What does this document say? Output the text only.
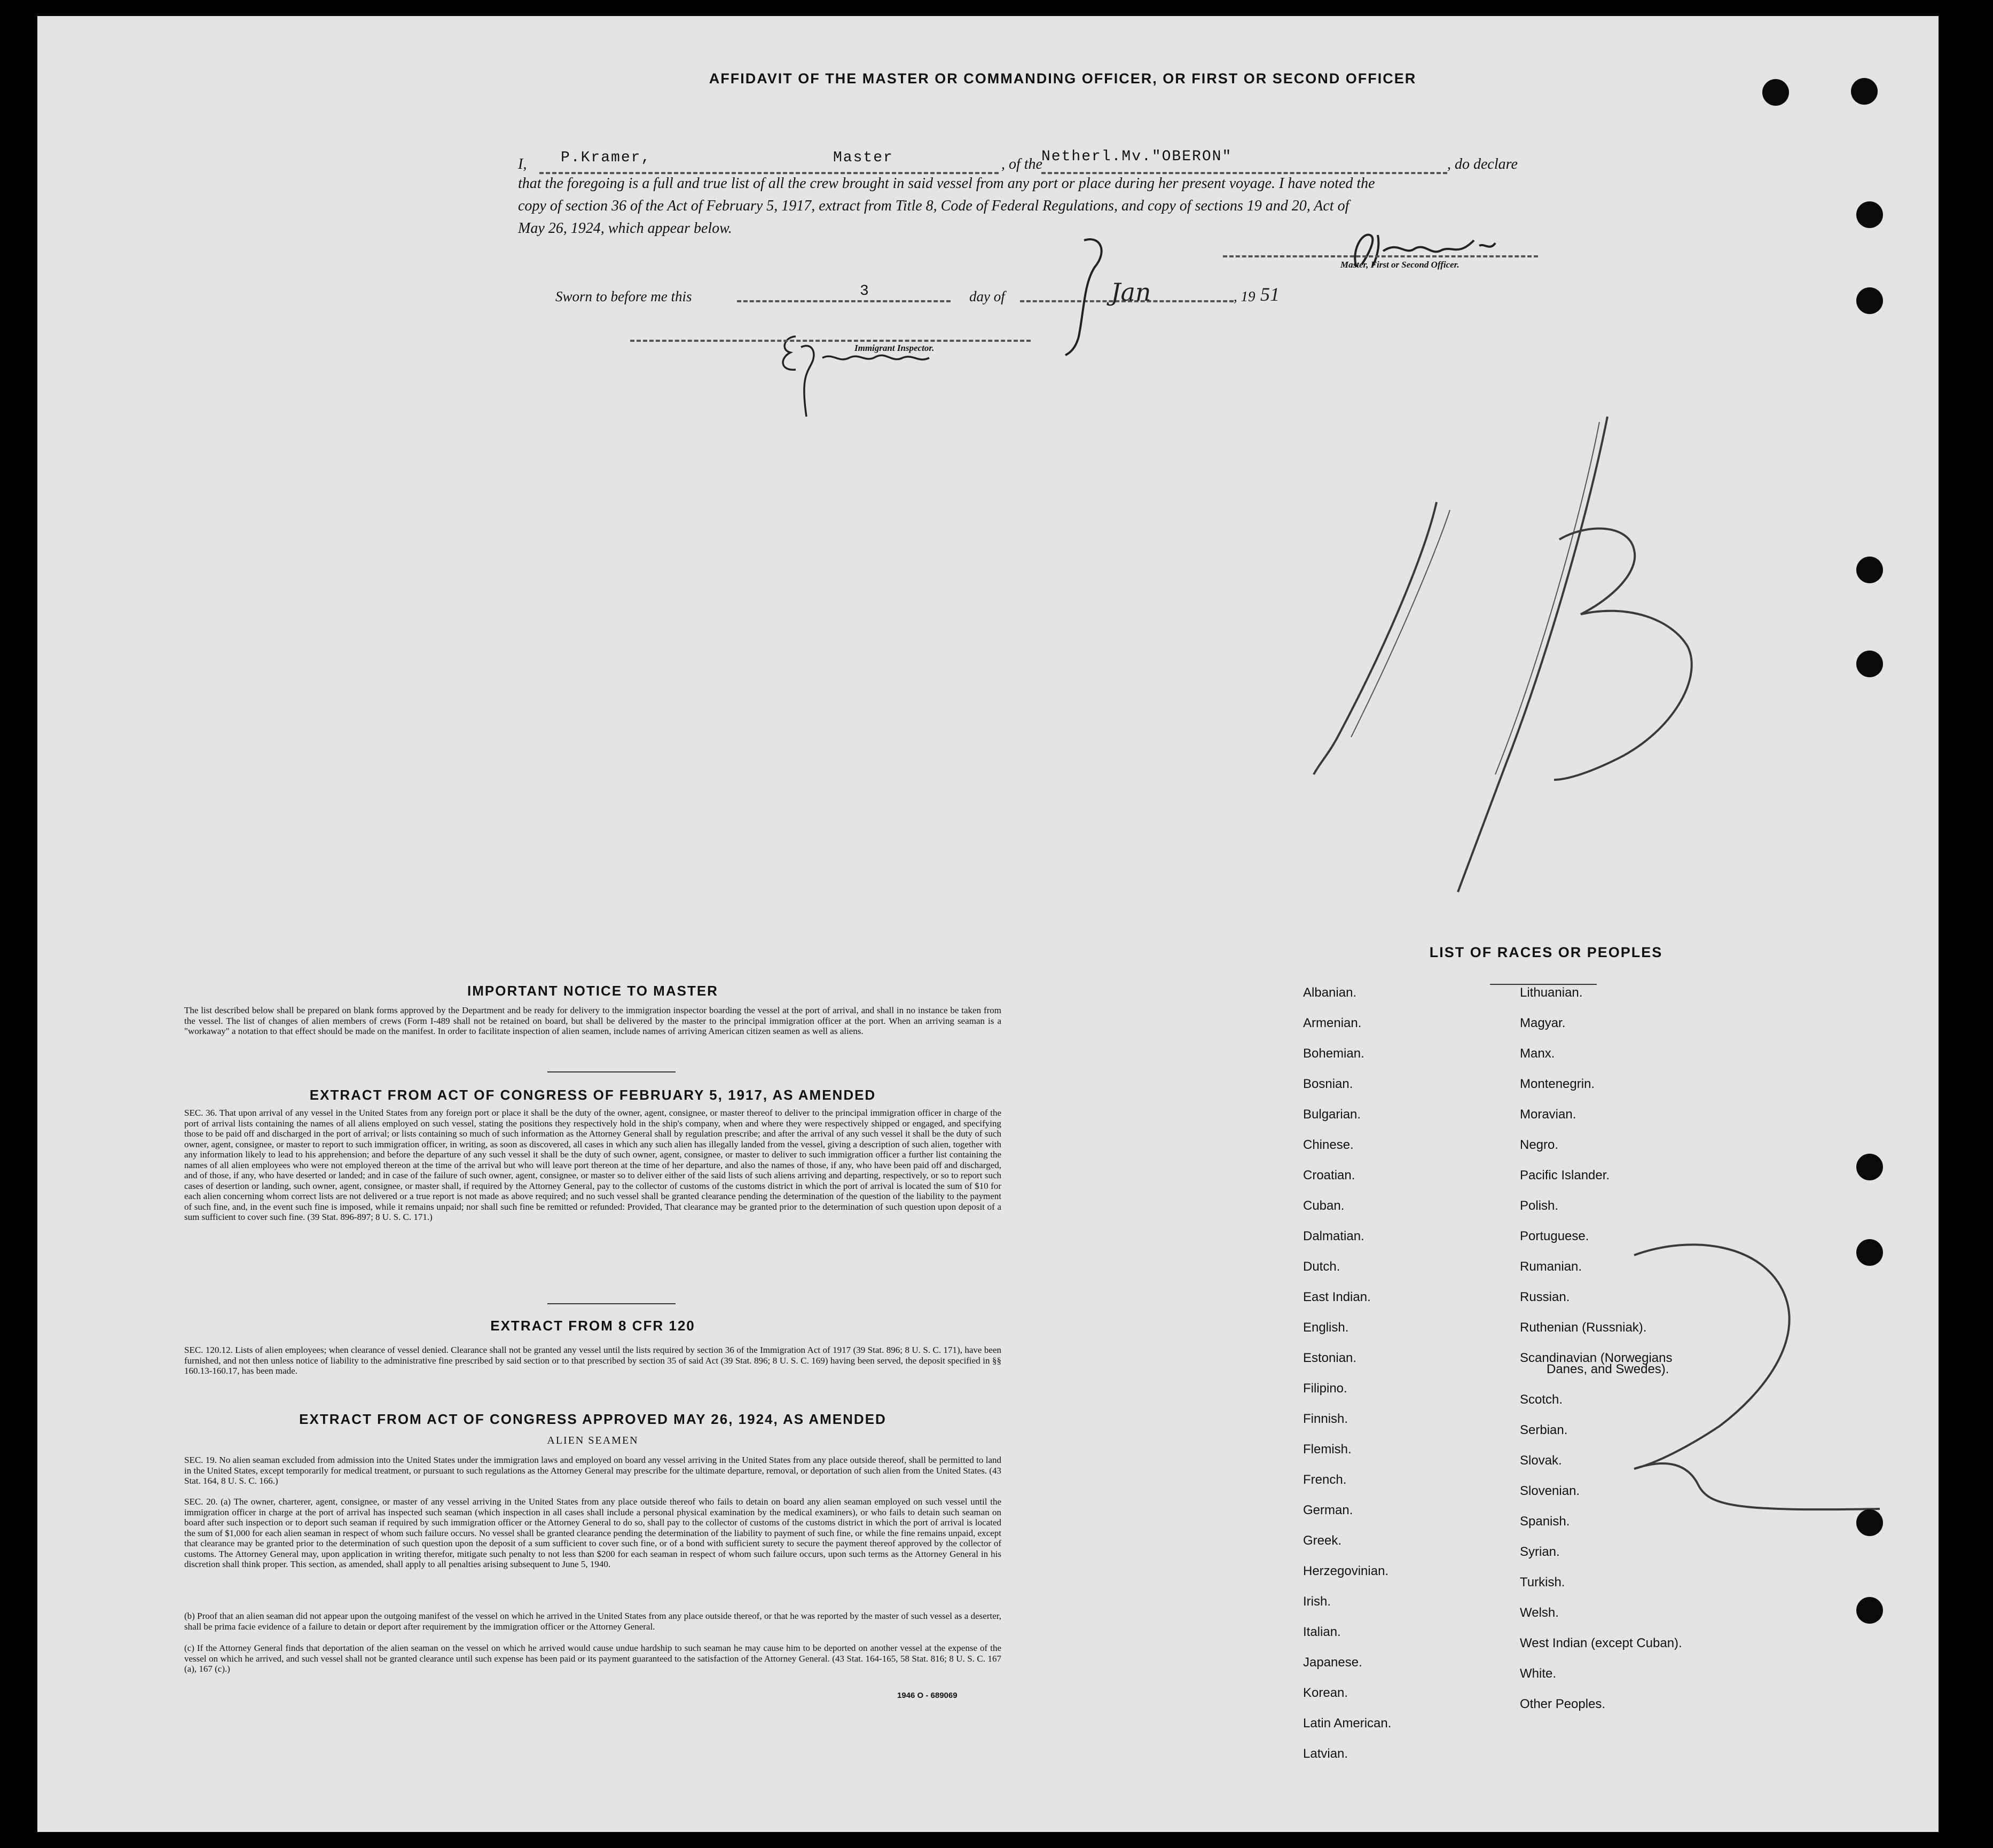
AFFIDAVIT OF THE MASTER OR COMMANDING OFFICER, OR FIRST OR SECOND OFFICER
I, P.Kramer,	Master	, of the
Netherl.Mv."OBERON"	, do declare
that the foregoing is a full and true list of all the crew brought in said vessel from any port or place during her present voyage. I have noted the
copy of section 36 of the Act of February 5, 1917, extract from Title 8, Code of Federal Regulations, and copy of sections 19 and 20, Act of
May 26, 1924, which appear below.
Master, First or Second Officer.
Sworn to before me this	3	day of	Jan	, 19 51
Immigrant Inspector.
IMPORTANT NOTICE TO MASTER
The list described below shall be prepared on blank forms approved by the Department and be ready for delivery to the immigration inspector boarding the vessel at the port of arrival, and shall in no instance be taken from the vessel. The list of changes of alien members of crews (Form I-489 shall not be retained on board, but shall be delivered by the master to the principal immigration officer at the port. When an arriving seaman is a "workaway" a notation to that effect should be made on the manifest. In order to facilitate inspection of alien seamen, include names of arriving American citizen seamen as well as aliens.
EXTRACT FROM ACT OF CONGRESS OF FEBRUARY 5, 1917, AS AMENDED
SEC. 36. That upon arrival of any vessel in the United States from any foreign port or place it shall be the duty of the owner, agent, consignee, or master thereof to deliver to the principal immigration officer in charge of the port of arrival lists containing the names of all aliens employed on such vessel, stating the positions they respectively hold in the ship's company, when and where they were respectively shipped or engaged, and specifying those to be paid off and discharged in the port of arrival; or lists containing so much of such information as the Attorney General shall by regulation prescribe; and after the arrival of any such vessel it shall be the duty of such owner, agent, consignee, or master to report to such immigration officer, in writing, as soon as discovered, all cases in which any such alien has illegally landed from the vessel, giving a description of such alien, together with any information likely to lead to his apprehension; and before the departure of any such vessel it shall be the duty of such owner, agent, consignee, or master to deliver to such immigration officer a further list containing the names of all alien employees who were not employed thereon at the time of the arrival but who will leave port thereon at the time of her departure, and also the names of those, if any, who have been paid off and discharged, and of those, if any, who have deserted or landed; and in case of the failure of such owner, agent, consignee, or master so to deliver either of the said lists of such aliens arriving and departing, respectively, or so to report such cases of desertion or landing, such owner, agent, consignee, or master shall, if required by the Attorney General, pay to the collector of customs of the customs district in which the port of arrival is located the sum of $10 for each alien concerning whom correct lists are not delivered or a true report is not made as above required; and no such vessel shall be granted clearance pending the determination of the question of the liability to the payment of such fine, and, in the event such fine is imposed, while it remains unpaid; nor shall such fine be remitted or refunded: Provided, That clearance may be granted prior to the determination of such question upon deposit of a sum sufficient to cover such fine. (39 Stat. 896-897; 8 U. S. C. 171.)
EXTRACT FROM 8 CFR 120
SEC. 120.12. Lists of alien employees; when clearance of vessel denied. Clearance shall not be granted any vessel until the lists required by section 36 of the Immigration Act of 1917 (39 Stat. 896; 8 U. S. C. 171), have been furnished, and not then unless notice of liability to the administrative fine prescribed by said section or to that prescribed by section 35 of said Act (39 Stat. 896; 8 U. S. C. 169) having been served, the deposit specified in §§ 160.13-160.17, has been made.
EXTRACT FROM ACT OF CONGRESS APPROVED MAY 26, 1924, AS AMENDED
ALIEN SEAMEN
SEC. 19. No alien seaman excluded from admission into the United States under the immigration laws and employed on board any vessel arriving in the United States from any place outside thereof, shall be permitted to land in the United States, except temporarily for medical treatment, or pursuant to such regulations as the Attorney General may prescribe for the ultimate departure, removal, or deportation of such alien from the United States. (43 Stat. 164, 8 U. S. C. 166.)
SEC. 20. (a) The owner, charterer, agent, consignee, or master of any vessel arriving in the United States from any place outside thereof who fails to detain on board any alien seaman employed on such vessel until the immigration officer in charge at the port of arrival has inspected such seaman (which inspection in all cases shall include a personal physical examination by the medical examiners), or who fails to detain such seaman on board after such inspection or to deport such seaman if required by such immigration officer or the Attorney General to do so, shall pay to the collector of customs of the customs district in which the port of arrival is located the sum of $1,000 for each alien seaman in respect of whom such failure occurs. No vessel shall be granted clearance pending the determination of the liability to payment of such fine, or while the fine remains unpaid, except that clearance may be granted prior to the determination of such question upon the deposit of a sum sufficient to cover such fine, or of a bond with sufficient surety to secure the payment thereof approved by the collector of customs. The Attorney General may, upon application in writing therefor, mitigate such penalty to not less than $200 for each seaman in respect of whom such failure occurs, upon such terms as the Attorney General in his discretion shall think proper. This section, as amended, shall apply to all penalties arising subsequent to June 5, 1940.
(b) Proof that an alien seaman did not appear upon the outgoing manifest of the vessel on which he arrived in the United States from any place outside thereof, or that he was reported by the master of such vessel as a deserter, shall be prima facie evidence of a failure to detain or deport after requirement by the immigration officer or the Attorney General.
(c) If the Attorney General finds that deportation of the alien seaman on the vessel on which he arrived would cause undue hardship to such seaman he may cause him to be deported on another vessel at the expense of the vessel on which he arrived, and such vessel shall not be granted clearance until such expense has been paid or its payment guaranteed to the satisfaction of the Attorney General. (43 Stat. 164-165, 58 Stat. 816; 8 U. S. C. 167 (a), 167 (c).)
1946 O - 689069
LIST OF RACES OR PEOPLES
Albanian.
Armenian.
Bohemian.
Bosnian.
Bulgarian.
Chinese.
Croatian.
Cuban.
Dalmatian.
Dutch.
East Indian.
English.
Estonian.
Filipino.
Finnish.
Flemish.
French.
German.
Greek.
Herzegovinian.
Irish.
Italian.
Japanese.
Korean.
Latin American.
Latvian.
Lithuanian.
Magyar.
Manx.
Montenegrin.
Moravian.
Negro.
Pacific Islander.
Polish.
Portuguese.
Rumanian.
Russian.
Ruthenian (Russniak).
Scandinavian (Norwegians
Danes, and Swedes).
Scotch.
Serbian.
Slovak.
Slovenian.
Spanish.
Syrian.
Turkish.
Welsh.
West Indian (except Cuban).
White.
Other Peoples.
